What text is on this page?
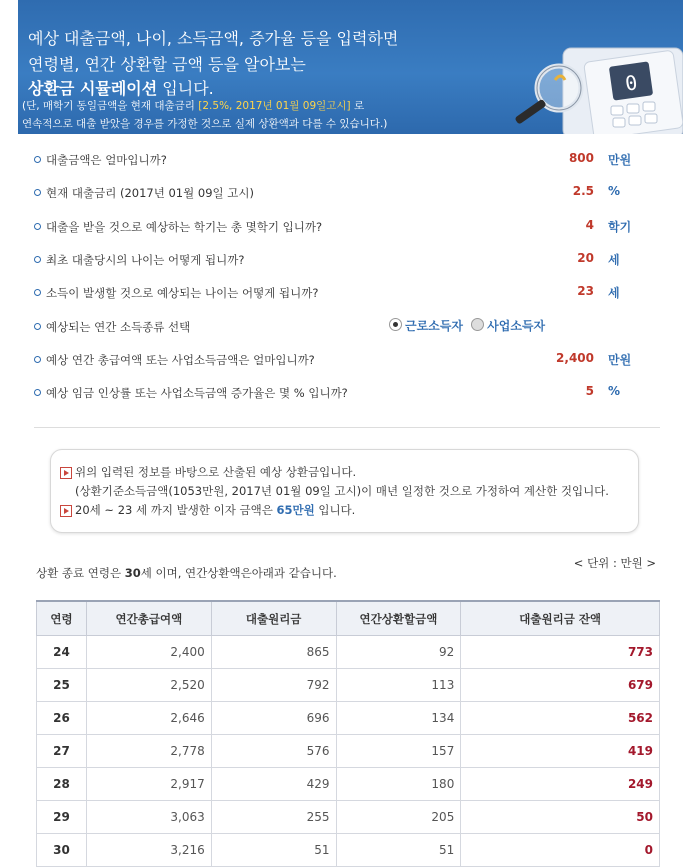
예상 대출금액, 나이, 소득금액, 증가율 등을 입력하면
연령별, 연간 상환할 금액 등을 알아보는
상환금 시뮬레이션 입니다.
(단, 매학기 동일금액을 현재 대출금리 [2.5%, 2017년 01월 09일고시] 로
연속적으로 대출 받았을 경우를 가정한 것으로 실제 상환액과 다를 수 있습니다.)
0
대출금액은 얼마입니까?	800 만원
현재 대출금리 (2017년 01월 09일 고시)	2.5 %
대출을 받을 것으로 예상하는 학기는 총 몇학기 입니까?	4 학기
최초 대출당시의 나이는 어떻게 됩니까?	20 세
소득이 발생할 것으로 예상되는 나이는 어떻게 됩니까?	23 세
예상되는 연간 소득종류 선택	근로소득자 사업소득자
예상 연간 총급여액 또는 사업소득금액은 얼마입니까?	2,400 만원
예상 임금 인상률 또는 사업소득금액 증가율은 몇 % 입니까?	5 %
위의 입력된 정보를 바탕으로 산출된 예상 상환금입니다.
(상환기준소득금액(1053만원, 2017년 01월 09일 고시)이 매년 일정한 것으로 가정하여 계산한 것입니다.
20세 ~ 23 세 까지 발생한 이자 금액은 65만원 입니다.
상환 종료 연령은 30세 이며, 연간상환액은아래과 같습니다.
< 단위 : 만원 >
연령	연간총급여액	대출원리금	연간상환할금액	대출원리금 잔액
24	2,400	865	92	773
25	2,520	792	113	679
26	2,646	696	134	562
27	2,778	576	157	419
28	2,917	429	180	249
29	3,063	255	205	50
30	3,216	51	51	0
